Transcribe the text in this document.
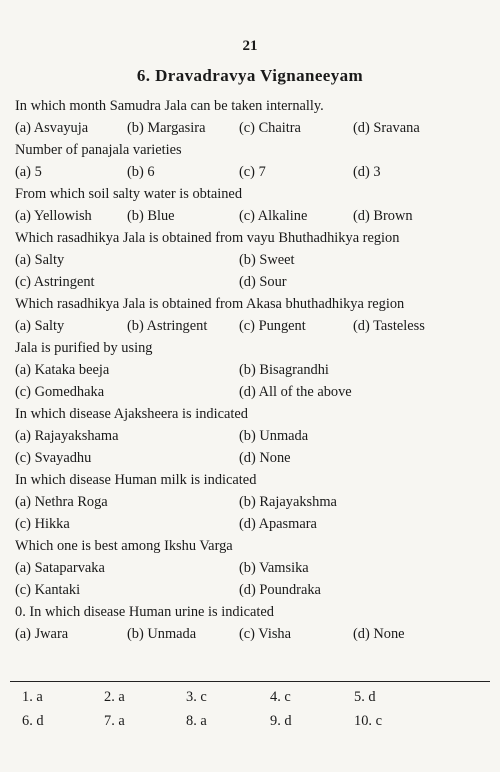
21
6. Dravadravya Vignaneeyam

In which month Samudra Jala can be taken internally.

(a) Asvayuja	(b) Margasira (c) Chaitra	(d) Sravana

Number of panajala varieties

(a) 5	(b) 6	(c) 7	(d) 3

From which soil salty water is obtained

(a) Yellowish (b) Blue	(c) Alkaline	(d) Brown

Which rasadhikya Jala is obtained from vayu Bhuthadhikya region

(a) Salty	(b) Sweet
(c) Astringent	(d) Sour

Which rasadhikya Jala is obtained from Akasa bhuthadhikya region

(a) Salty	(b) Astringent (c) Pungent	(d) Tasteless

Jala is purified by using

(a) Kataka beeja	(b) Bisagrandhi
(c) Gomedhaka	(d) All of the above

In which disease Ajaksheera is indicated

(a) Rajayakshama	(b) Unmada
(c) Svayadhu	(d) None

In which disease Human milk is indicated

(a) Nethra Roga	(b) Rajayakshma
(c) Hikka	(d) Apasmara

Which one is best among Ikshu Varga

(a) Sataparvaka	(b) Vamsika
(c) Kantaki	(d) Poundraka

0. In which disease Human urine is indicated

(a) Jwara	(b) Unmada	(c) Visha	(d) None
1. a	2. a	3. c	4. c	5. d
6. d	7. a	8. a	9. d	10. c
